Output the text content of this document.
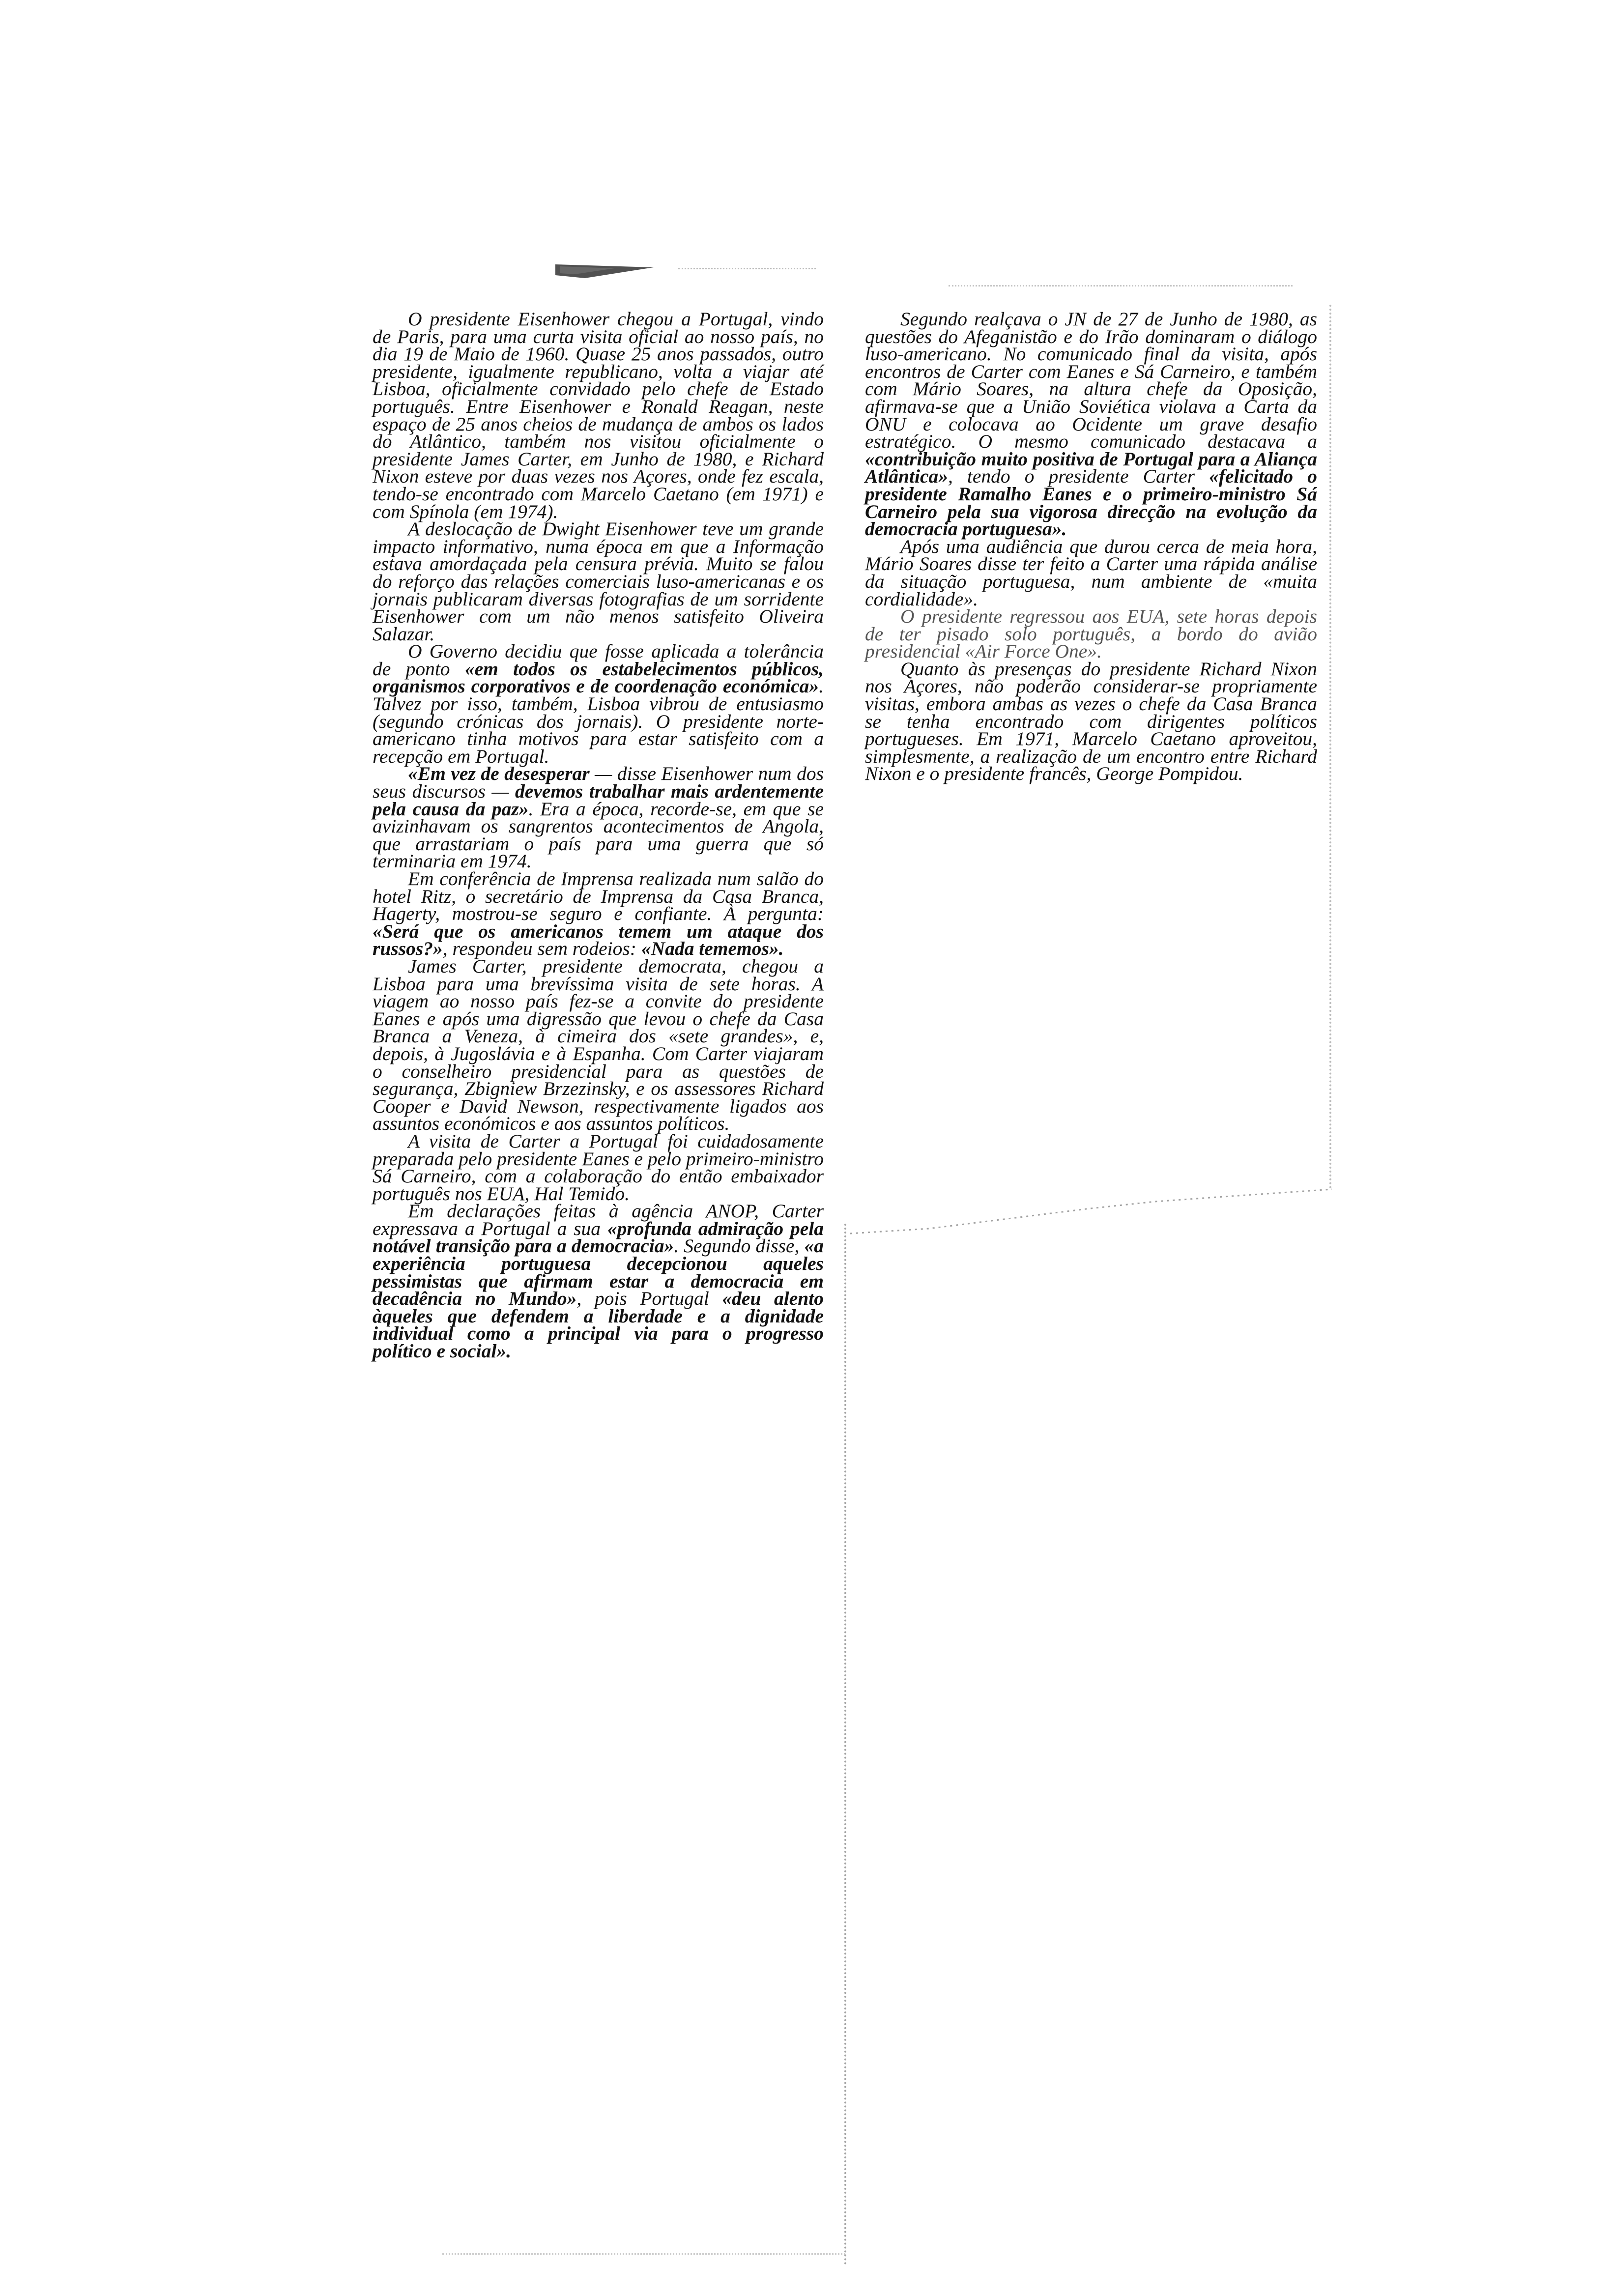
O presidente Eisenhower chegou a Portugal, vindo de Paris, para uma curta visita oficial ao nosso país, no dia 19 de Maio de 1960. Quase 25 anos passados, outro presidente, igualmente republicano, volta a viajar até Lisboa, oficialmente convidado pelo chefe de Estado português. Entre Eisenhower e Ronald Reagan, neste espaço de 25 anos cheios de mudança de ambos os lados do Atlântico, também nos visitou oficialmente o presidente James Carter, em Junho de 1980, e Richard Nixon esteve por duas vezes nos Açores, onde fez escala, tendo-se encontrado com Marcelo Caetano (em 1971) e com Spínola (em 1974).

A deslocação de Dwight Eisenhower teve um grande impacto informativo, numa época em que a Informação estava amordaçada pela censura prévia. Muito se falou do reforço das relações comerciais luso-americanas e os jornais publicaram diversas fotografias de um sorridente Eisenhower com um não menos satisfeito Oliveira Salazar.

O Governo decidiu que fosse aplicada a tolerância de ponto «em todos os estabelecimentos públicos, organismos corporativos e de coordenação económica». Talvez por isso, também, Lisboa vibrou de entusiasmo (segundo crónicas dos jornais). O presidente norte-americano tinha motivos para estar satisfeito com a recepção em Portugal.

«Em vez de desesperar — disse Eisenhower num dos seus discursos — devemos trabalhar mais ardentemente pela causa da paz». Era a época, recorde-se, em que se avizinhavam os sangrentos acontecimentos de Angola, que arrastariam o país para uma guerra que só terminaria em 1974.

Em conferência de Imprensa realizada num salão do hotel Ritz, o secretário de Imprensa da Casa Branca, Hagerty, mostrou-se seguro e confiante. À pergunta: «Será que os americanos temem um ataque dos russos?», respondeu sem rodeios: «Nada tememos».

James Carter, presidente democrata, chegou a Lisboa para uma brevíssima visita de sete horas. A viagem ao nosso país fez-se a convite do presidente Eanes e após uma digressão que levou o chefe da Casa Branca a Veneza, à cimeira dos «sete grandes», e, depois, à Jugoslávia e à Espanha. Com Carter viajaram o conselheiro presidencial para as questões de segurança, Zbigniew Brzezinsky, e os assessores Richard Cooper e David Newson, respectivamente ligados aos assuntos económicos e aos assuntos políticos.

A visita de Carter a Portugal foi cuidadosamente preparada pelo presidente Eanes e pelo primeiro-ministro Sá Carneiro, com a colaboração do então embaixador português nos EUA, Hal Temido.

Em declarações feitas à agência ANOP, Carter expressava a Portugal a sua «profunda admiração pela notável transição para a democracia». Segundo disse, «a experiência portuguesa decepcionou aqueles pessimistas que afirmam estar a democracia em decadência no Mundo», pois Portugal «deu alento àqueles que defendem a liberdade e a dignidade individual como a principal via para o progresso político e social».

Segundo realçava o JN de 27 de Junho de 1980, as questões do Afeganistão e do Irão dominaram o diálogo luso-americano. No comunicado final da visita, após encontros de Carter com Eanes e Sá Carneiro, e também com Mário Soares, na altura chefe da Oposição, afirmava-se que a União Soviética violava a Carta da ONU e colocava ao Ocidente um grave desafio estratégico. O mesmo comunicado destacava a «contribuição muito positiva de Portugal para a Aliança Atlântica», tendo o presidente Carter «felicitado o presidente Ramalho Eanes e o primeiro-ministro Sá Carneiro pela sua vigorosa direcção na evolução da democracia portuguesa».

Após uma audiência que durou cerca de meia hora, Mário Soares disse ter feito a Carter uma rápida análise da situação portuguesa, num ambiente de «muita cordialidade».

O presidente regressou aos EUA, sete horas depois de ter pisado solo português, a bordo do avião presidencial «Air Force One».

Quanto às presenças do presidente Richard Nixon nos Açores, não poderão considerar-se propriamente visitas, embora ambas as vezes o chefe da Casa Branca se tenha encontrado com dirigentes políticos portugueses. Em 1971, Marcelo Caetano aproveitou, simplesmente, a realização de um encontro entre Richard Nixon e o presidente francês, George Pompidou.
